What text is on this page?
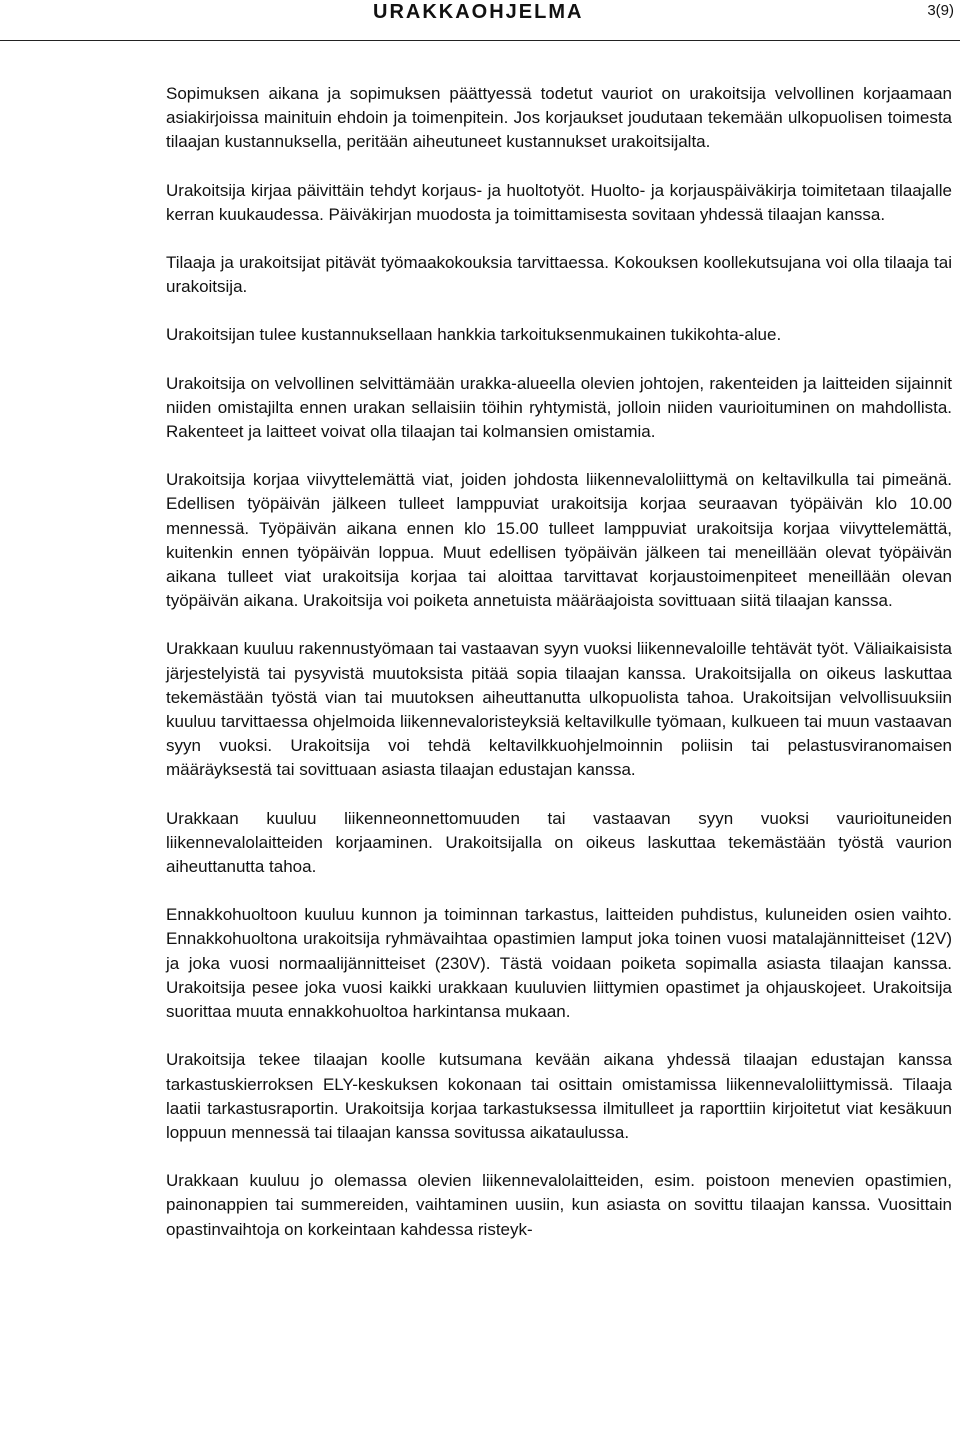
URAKKAOHJELMA	3(9)

Sopimuksen aikana ja sopimuksen päättyessä todetut vauriot on urakoitsija velvollinen korjaamaan asiakirjoissa mainituin ehdoin ja toimenpitein. Jos korjaukset joudutaan tekemään ulkopuolisen toimesta tilaajan kustannuksella, peritään aiheutuneet kustannukset urakoitsijalta.

Urakoitsija kirjaa päivittäin tehdyt korjaus- ja huoltotyöt. Huolto- ja korjauspäiväkirja toimitetaan tilaajalle kerran kuukaudessa. Päiväkirjan muodosta ja toimittamisesta sovitaan yhdessä tilaajan kanssa.

Tilaaja ja urakoitsijat pitävät työmaakokouksia tarvittaessa. Kokouksen koollekutsujana voi olla tilaaja tai urakoitsija.

Urakoitsijan tulee kustannuksellaan hankkia tarkoituksenmukainen tukikohta-alue.

Urakoitsija on velvollinen selvittämään urakka-alueella olevien johtojen, rakenteiden ja laitteiden sijainnit niiden omistajilta ennen urakan sellaisiin töihin ryhtymistä, jolloin niiden vaurioituminen on mahdollista. Rakenteet ja laitteet voivat olla tilaajan tai kolmansien omistamia.

Urakoitsija korjaa viivyttelemättä viat, joiden johdosta liikennevaloliittymä on keltavilkulla tai pimeänä. Edellisen työpäivän jälkeen tulleet lamppuviat urakoitsija korjaa seuraavan työpäivän klo 10.00 mennessä. Työpäivän aikana ennen klo 15.00 tulleet lamppuviat urakoitsija korjaa viivyttelemättä, kuitenkin ennen työpäivän loppua. Muut edellisen työpäivän jälkeen tai meneillään olevat työpäivän aikana tulleet viat urakoitsija korjaa tai aloittaa tarvittavat korjaustoimenpiteet meneillään olevan työpäivän aikana. Urakoitsija voi poiketa annetuista määräajoista sovittuaan siitä tilaajan kanssa.

Urakkaan kuuluu rakennustyömaan tai vastaavan syyn vuoksi liikennevaloille tehtävät työt. Väliaikaisista järjestelyistä tai pysyvistä muutoksista pitää sopia tilaajan kanssa. Urakoitsijalla on oikeus laskuttaa tekemästään työstä vian tai muutoksen aiheuttanutta ulkopuolista tahoa. Urakoitsijan velvollisuuksiin kuuluu tarvittaessa ohjelmoida liikennevaloristeyksiä keltavilkulle työmaan, kulkueen tai muun vastaavan syyn vuoksi. Urakoitsija voi tehdä keltavilkkuohjelmoinnin poliisin tai pelastusviranomaisen määräyksestä tai sovittuaan asiasta tilaajan edustajan kanssa.

Urakkaan kuuluu liikenneonnettomuuden tai vastaavan syyn vuoksi vaurioituneiden liikennevalolaitteiden korjaaminen. Urakoitsijalla on oikeus laskuttaa tekemästään työstä vaurion aiheuttanutta tahoa.

Ennakkohuoltoon kuuluu kunnon ja toiminnan tarkastus, laitteiden puhdistus, kuluneiden osien vaihto. Ennakkohuoltona urakoitsija ryhmävaihtaa opastimien lamput joka toinen vuosi matalajännitteiset (12V) ja joka vuosi normaalijännitteiset (230V). Tästä voidaan poiketa sopimalla asiasta tilaajan kanssa. Urakoitsija pesee joka vuosi kaikki urakkaan kuuluvien liittymien opastimet ja ohjauskojeet. Urakoitsija suorittaa muuta ennakkohuoltoa harkintansa mukaan.

Urakoitsija tekee tilaajan koolle kutsumana kevään aikana yhdessä tilaajan edustajan kanssa tarkastuskierroksen ELY-keskuksen kokonaan tai osittain omistamissa liikennevaloliittymissä. Tilaaja laatii tarkastusraportin. Urakoitsija korjaa tarkastuksessa ilmitulleet ja raporttiin kirjoitetut viat kesäkuun loppuun mennessä tai tilaajan kanssa sovitussa aikataulussa.

Urakkaan kuuluu jo olemassa olevien liikennevalolaitteiden, esim. poistoon menevien opastimien, painonappien tai summereiden, vaihtaminen uusiin, kun asiasta on sovittu tilaajan kanssa. Vuosittain opastinvaihtoja on korkeintaan kahdessa risteyk-
